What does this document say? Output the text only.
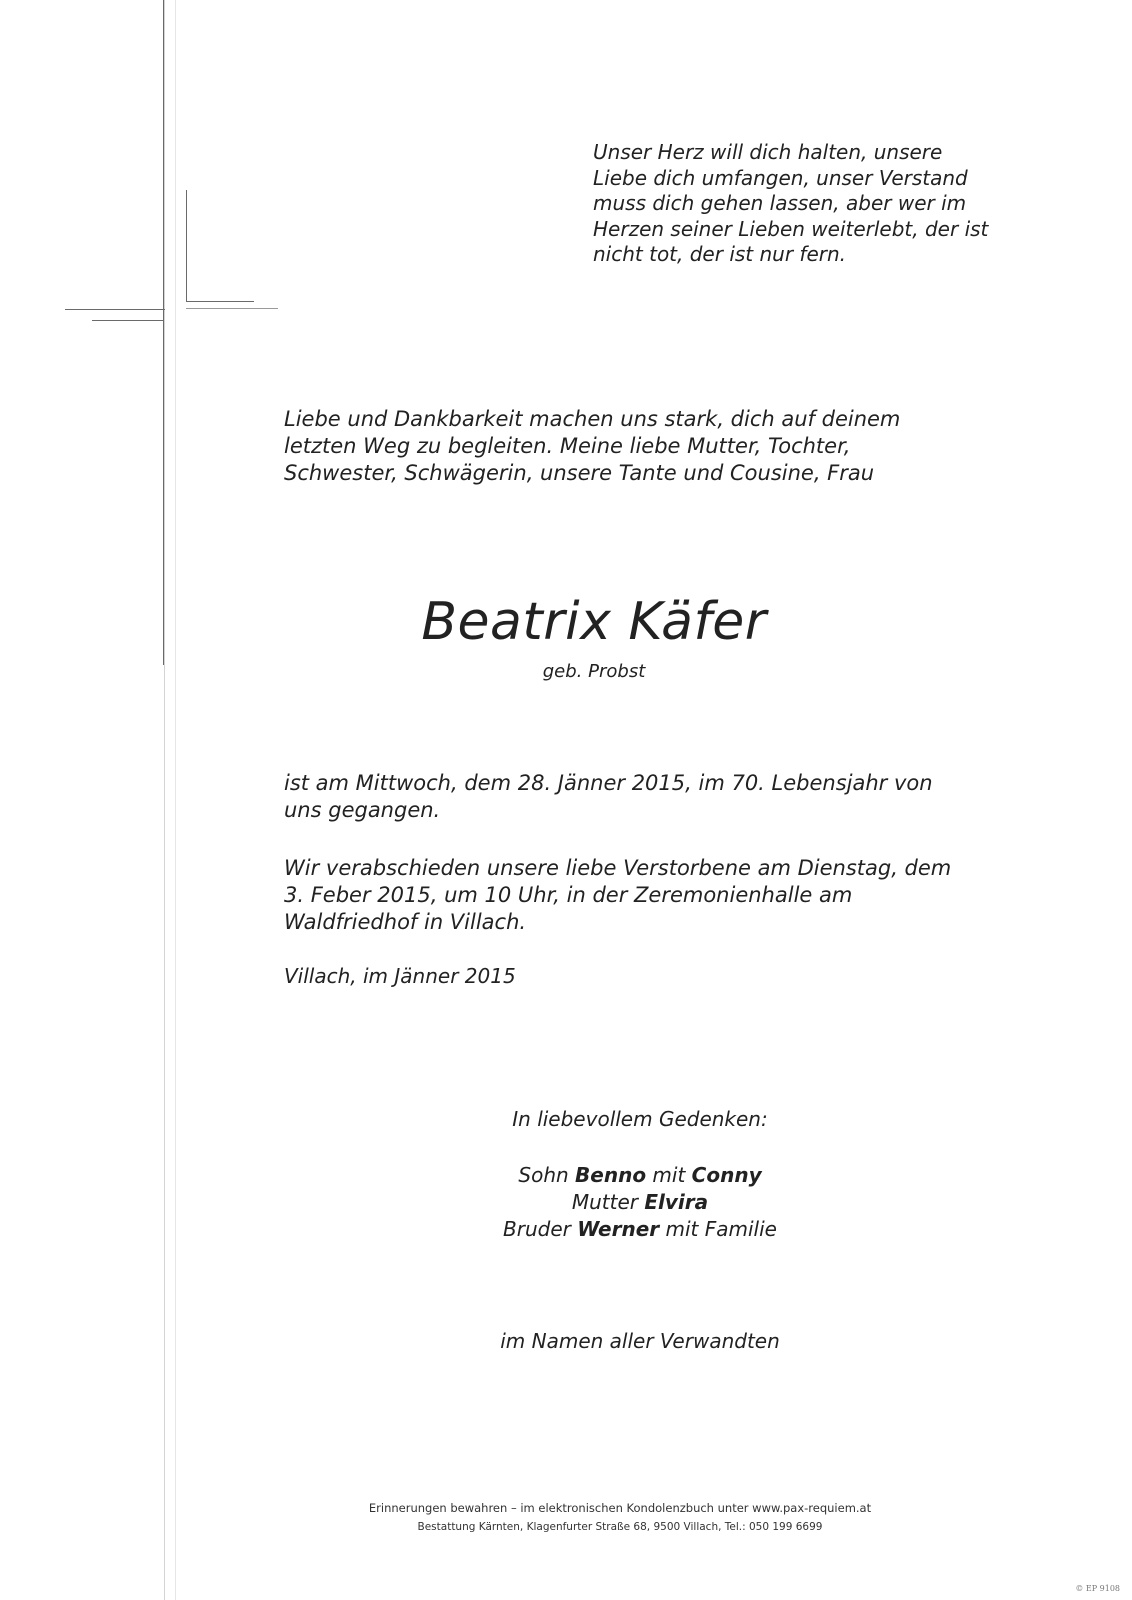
Unser Herz will dich halten, unsere
Liebe dich umfangen, unser Verstand
muss dich gehen lassen, aber wer im
Herzen seiner Lieben weiterlebt, der ist
nicht tot, der ist nur fern.
Liebe und Dankbarkeit machen uns stark, dich auf deinem
letzten Weg zu begleiten. Meine liebe Mutter, Tochter,
Schwester, Schwägerin, unsere Tante und Cousine, Frau
Beatrix Käfer
geb. Probst
ist am Mittwoch, dem 28. Jänner 2015, im 70. Lebensjahr von
uns gegangen.
Wir verabschieden unsere liebe Verstorbene am Dienstag, dem
3. Feber 2015, um 10 Uhr, in der Zeremonienhalle am
Waldfriedhof in Villach.
Villach, im Jänner 2015
In liebevollem Gedenken:
Sohn Benno mit Conny
Mutter Elvira
Bruder Werner mit Familie
im Namen aller Verwandten

Erinnerungen bewahren – im elektronischen Kondolenzbuch unter www.pax-requiem.at

Bestattung Kärnten, Klagenfurter Straße 68, 9500 Villach, Tel.: 050 199 6699

© EP 9108
